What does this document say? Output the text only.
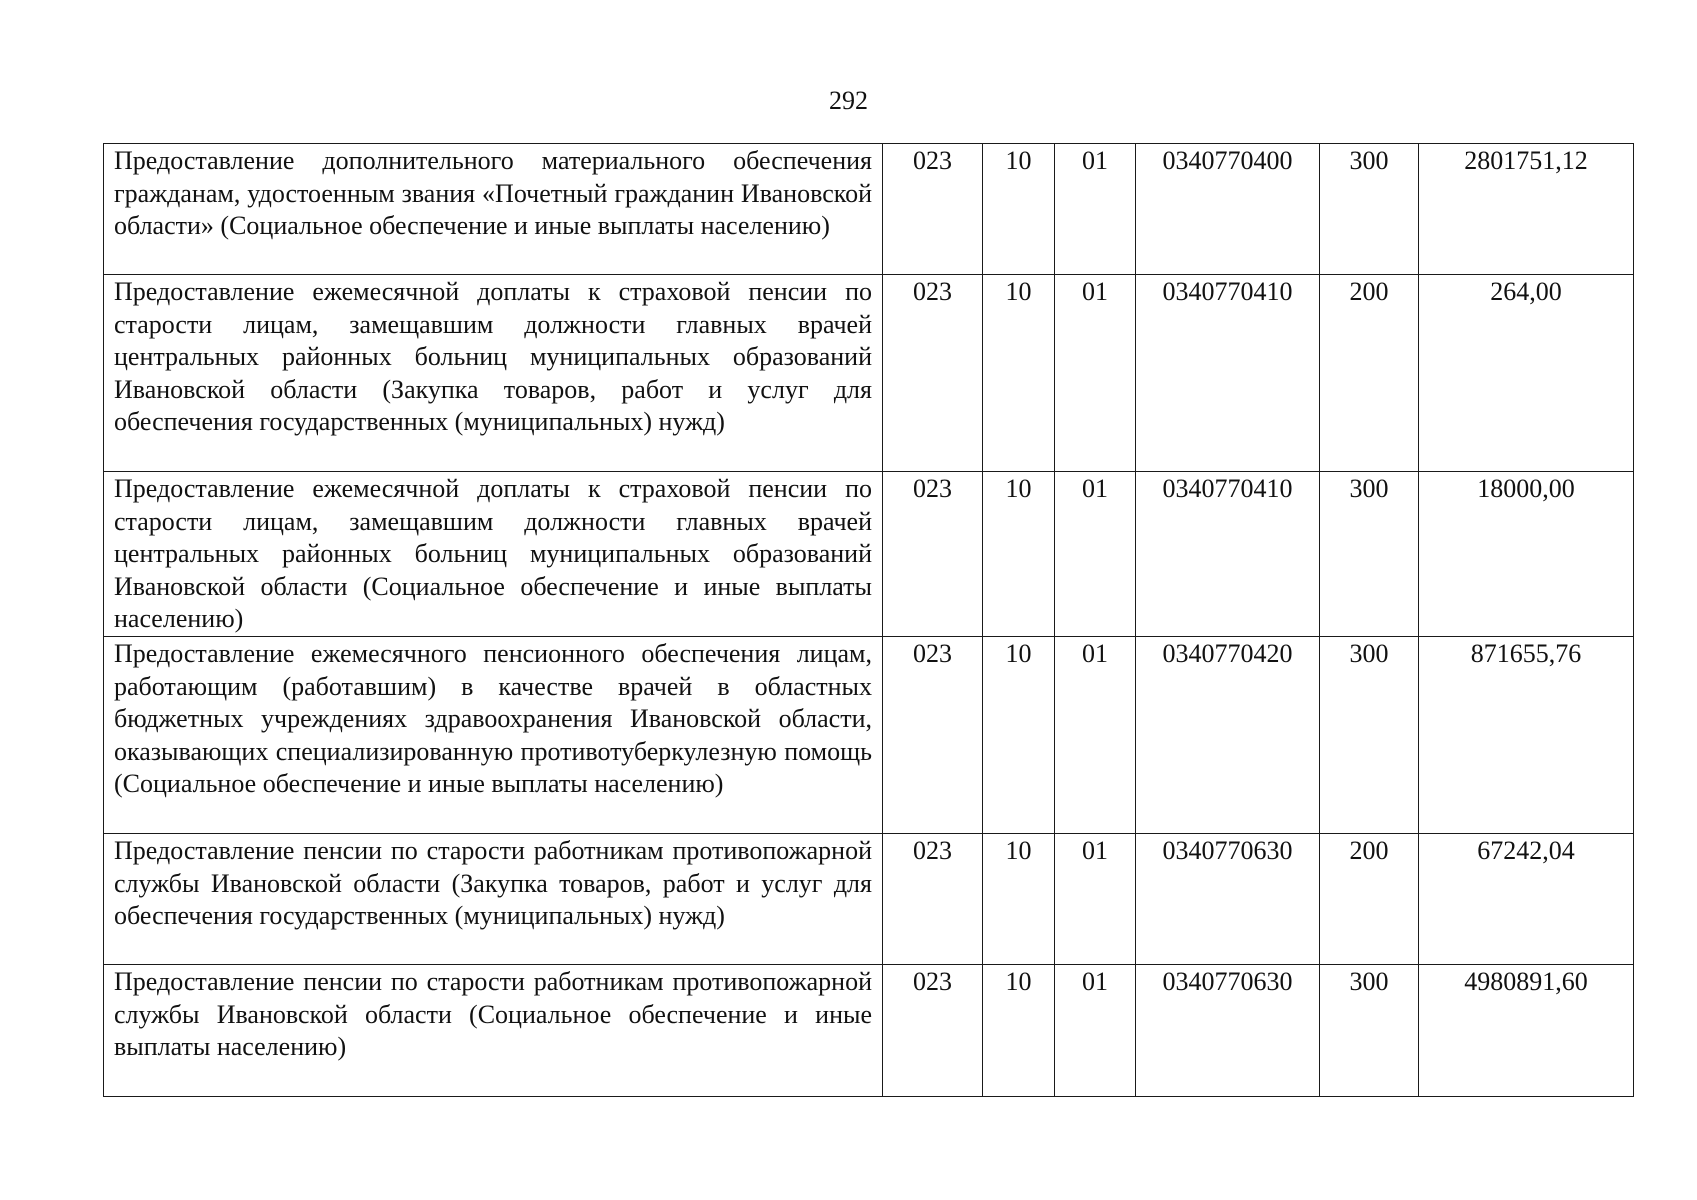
292
Предоставление дополнительного материального обеспечения гражданам, удостоенным звания «Почетный гражданин Ивановской области» (Социальное обеспечение и иные выплаты населению)	023	10	01	0340770400	300	2801751,12
Предоставление ежемесячной доплаты к страховой пенсии по старости лицам, замещавшим должности главных врачей центральных районных больниц муниципальных образований Ивановской области (Закупка товаров, работ и услуг для обеспечения государственных (муниципальных) нужд)	023	10	01	0340770410	200	264,00
Предоставление ежемесячной доплаты к страховой пенсии по старости лицам, замещавшим должности главных врачей центральных районных больниц муниципальных образований Ивановской области (Социальное обеспечение и иные выплаты населению)	023	10	01	0340770410	300	18000,00
Предоставление ежемесячного пенсионного обеспечения лицам, работающим (работавшим) в качестве врачей в областных бюджетных учреждениях здравоохранения Ивановской области, оказывающих специализированную противотуберкулезную помощь (Социальное обеспечение и иные выплаты населению)	023	10	01	0340770420	300	871655,76
Предоставление пенсии по старости работникам противопожарной службы Ивановской области (Закупка товаров, работ и услуг для обеспечения государственных (муниципальных) нужд)	023	10	01	0340770630	200	67242,04
Предоставление пенсии по старости работникам противопожарной службы Ивановской области (Социальное обеспечение и иные выплаты населению)	023	10	01	0340770630	300	4980891,60
